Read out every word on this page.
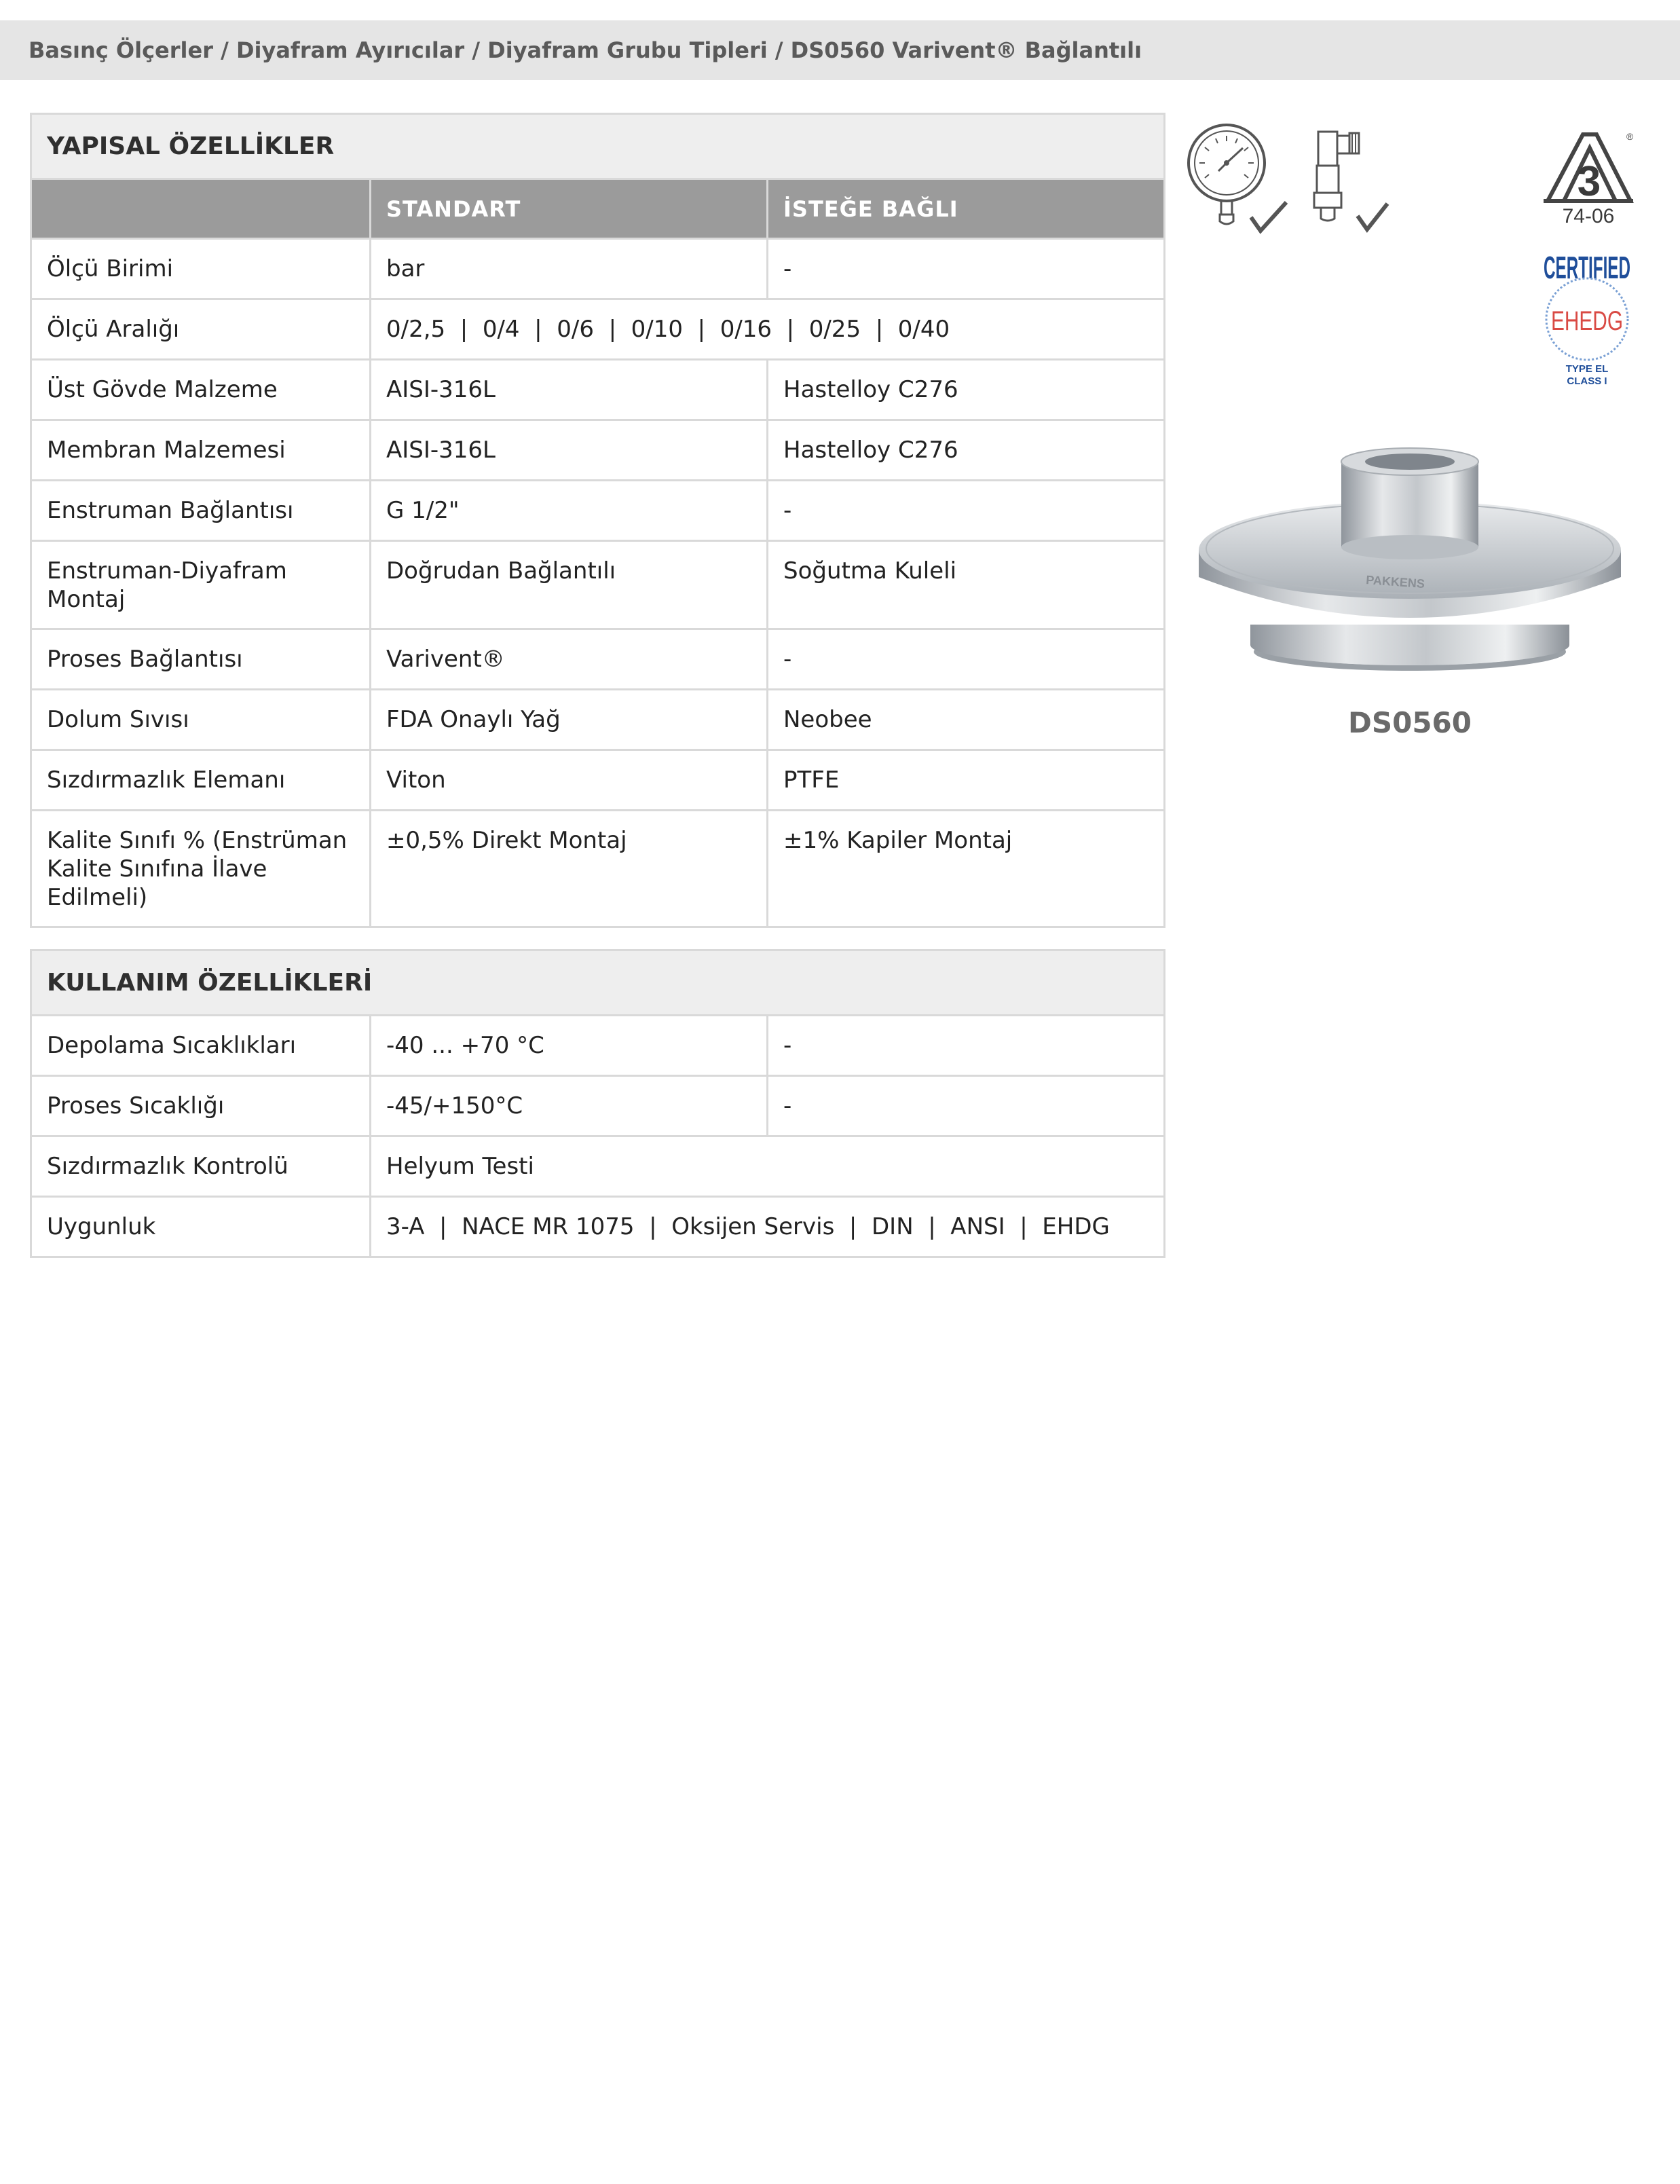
Basınç Ölçerler / Diyafram Ayırıcılar / Diyafram Grubu Tipleri / DS0560 Varivent® Bağlantılı
YAPISAL ÖZELLİKLER		
	STANDART	İSTEĞE BAĞLI
Ölçü Birimi	bar	-
Ölçü Aralığı	0/2,5  |  0/4  |  0/6  |  0/10  |  0/16  |  0/25  |  0/40	
Üst Gövde Malzeme	AISI-316L	Hastelloy C276
Membran Malzemesi	AISI-316L	Hastelloy C276
Enstruman Bağlantısı	G 1/2"	-
Enstruman-Diyafram Montaj	Doğrudan Bağlantılı	Soğutma Kuleli
Proses Bağlantısı	Varivent®	-
Dolum Sıvısı	FDA Onaylı Yağ	Neobee
Sızdırmazlık Elemanı	Viton	PTFE
Kalite Sınıfı % (Enstrüman Kalite Sınıfına İlave Edilmeli)	±0,5% Direkt Montaj	±1% Kapiler Montaj
KULLANIM ÖZELLİKLERİ		
Depolama Sıcaklıkları	-40 ... +70 °C	-
Proses Sıcaklığı	-45/+150°C	-
Sızdırmazlık Kontrolü	Helyum Testi	
Uygunluk	3-A  |  NACE MR 1075  |  Oksijen Servis  |  DIN  |  ANSI  |  EHDG	
3
®
74-06
CERTIFIED
EHEDG
TYPE EL
CLASS I
PAKKENS
DS0560
